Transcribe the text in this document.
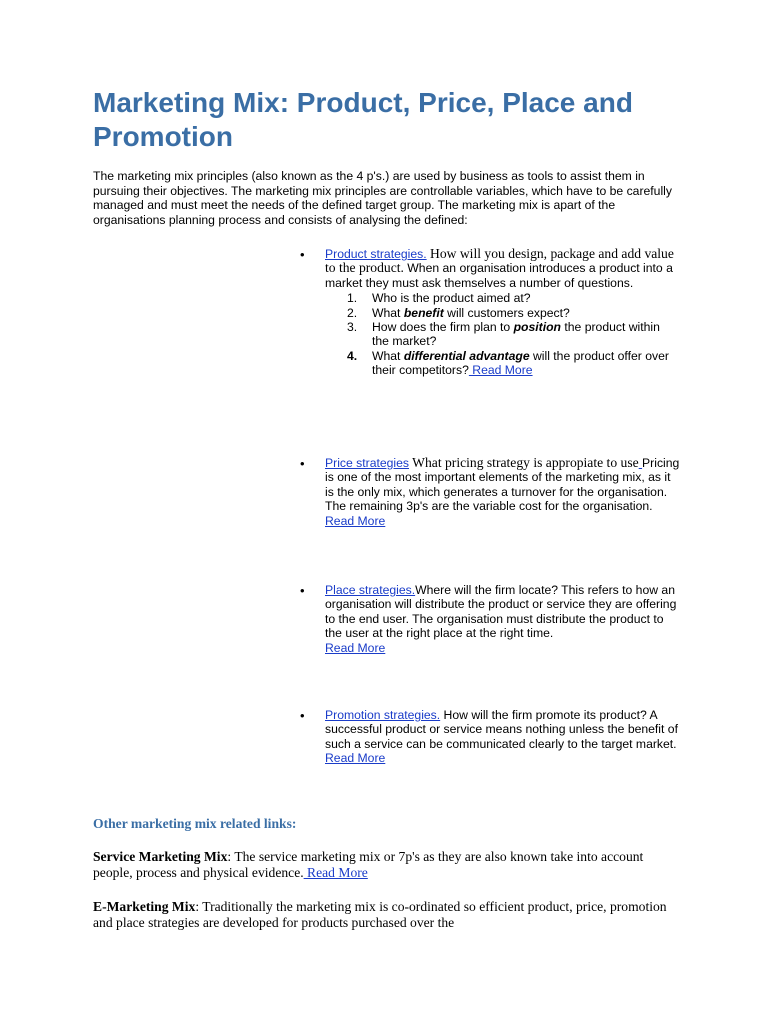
Marketing Mix: Product, Price, Place and Promotion

The marketing mix principles (also known as the 4 p's.) are used by business as tools to assist them in pursuing their objectives. The marketing mix principles are controllable variables, which have to be carefully managed and must meet the needs of the defined target group. The marketing mix is apart of the organisations planning process and consists of analysing the defined:

• Product strategies. How will you design, package and add value to the product. When an organisation introduces a product into a market they must ask themselves a number of questions.
1. Who is the product aimed at?
2. What benefit will customers expect?
3. How does the firm plan to position the product within the market?
4. What differential advantage will the product offer over their competitors? Read More
• Price strategies What pricing strategy is appropiate to use Pricing is one of the most important elements of the marketing mix, as it is the only mix, which generates a turnover for the organisation. The remaining 3p's are the variable cost for the organisation. Read More
• Place strategies.Where will the firm locate? This refers to how an organisation will distribute the product or service they are offering to the end user. The organisation must distribute the product to the user at the right place at the right time.
Read More
• Promotion strategies. How will the firm promote its product? A successful product or service means nothing unless the benefit of such a service can be communicated clearly to the target market. Read More

Other marketing mix related links:

Service Marketing Mix: The service marketing mix or 7p's as they are also known take into account people, process and physical evidence. Read More

E-Marketing Mix: Traditionally the marketing mix is co-ordinated so efficient product, price, promotion and place strategies are developed for products purchased over the
